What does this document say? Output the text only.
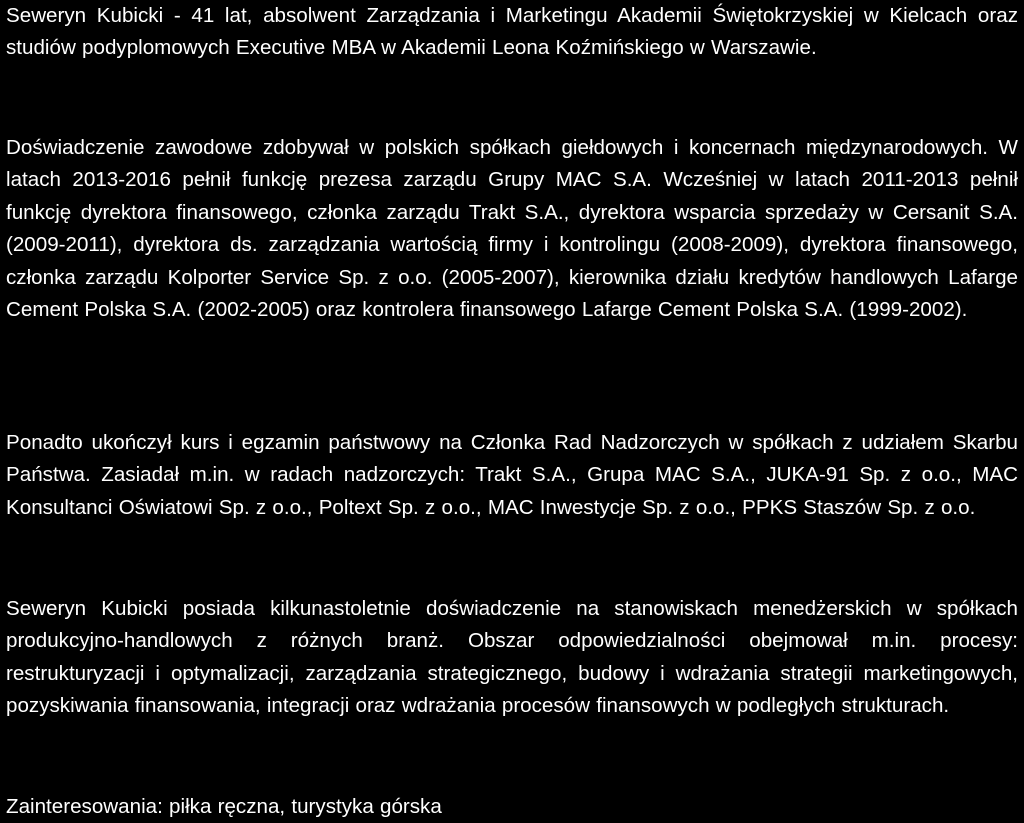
Seweryn Kubicki - 41 lat, absolwent Zarządzania i Marketingu Akademii Świętokrzyskiej w Kielcach oraz studiów podyplomowych Executive MBA w Akademii Leona Koźmińskiego w Warszawie.

Doświadczenie zawodowe zdobywał w polskich spółkach giełdowych i koncernach międzynarodowych. W latach 2013-2016 pełnił funkcję prezesa zarządu Grupy MAC S.A. Wcześniej w latach 2011-2013 pełnił funkcję dyrektora finansowego, członka zarządu Trakt S.A., dyrektora wsparcia sprzedaży w Cersanit S.A. (2009-2011), dyrektora ds. zarządzania wartością firmy i kontrolingu (2008-2009), dyrektora finansowego, członka zarządu Kolporter Service Sp. z o.o. (2005-2007), kierownika działu kredytów handlowych Lafarge Cement Polska S.A. (2002-2005) oraz kontrolera finansowego Lafarge Cement Polska S.A. (1999-2002).

Ponadto ukończył kurs i egzamin państwowy na Członka Rad Nadzorczych w spółkach z udziałem Skarbu Państwa. Zasiadał m.in. w radach nadzorczych: Trakt S.A., Grupa MAC S.A., JUKA-91 Sp. z o.o., MAC Konsultanci Oświatowi Sp. z o.o., Poltext Sp. z o.o., MAC Inwestycje Sp. z o.o., PPKS Staszów Sp. z o.o.

Seweryn Kubicki posiada kilkunastoletnie doświadczenie na stanowiskach menedżerskich w spółkach produkcyjno-handlowych z różnych branż. Obszar odpowiedzialności obejmował m.in. procesy: restrukturyzacji i optymalizacji, zarządzania strategicznego, budowy i wdrażania strategii marketingowych, pozyskiwania finansowania, integracji oraz wdrażania procesów finansowych w podległych strukturach.

Zainteresowania: piłka ręczna, turystyka górska
